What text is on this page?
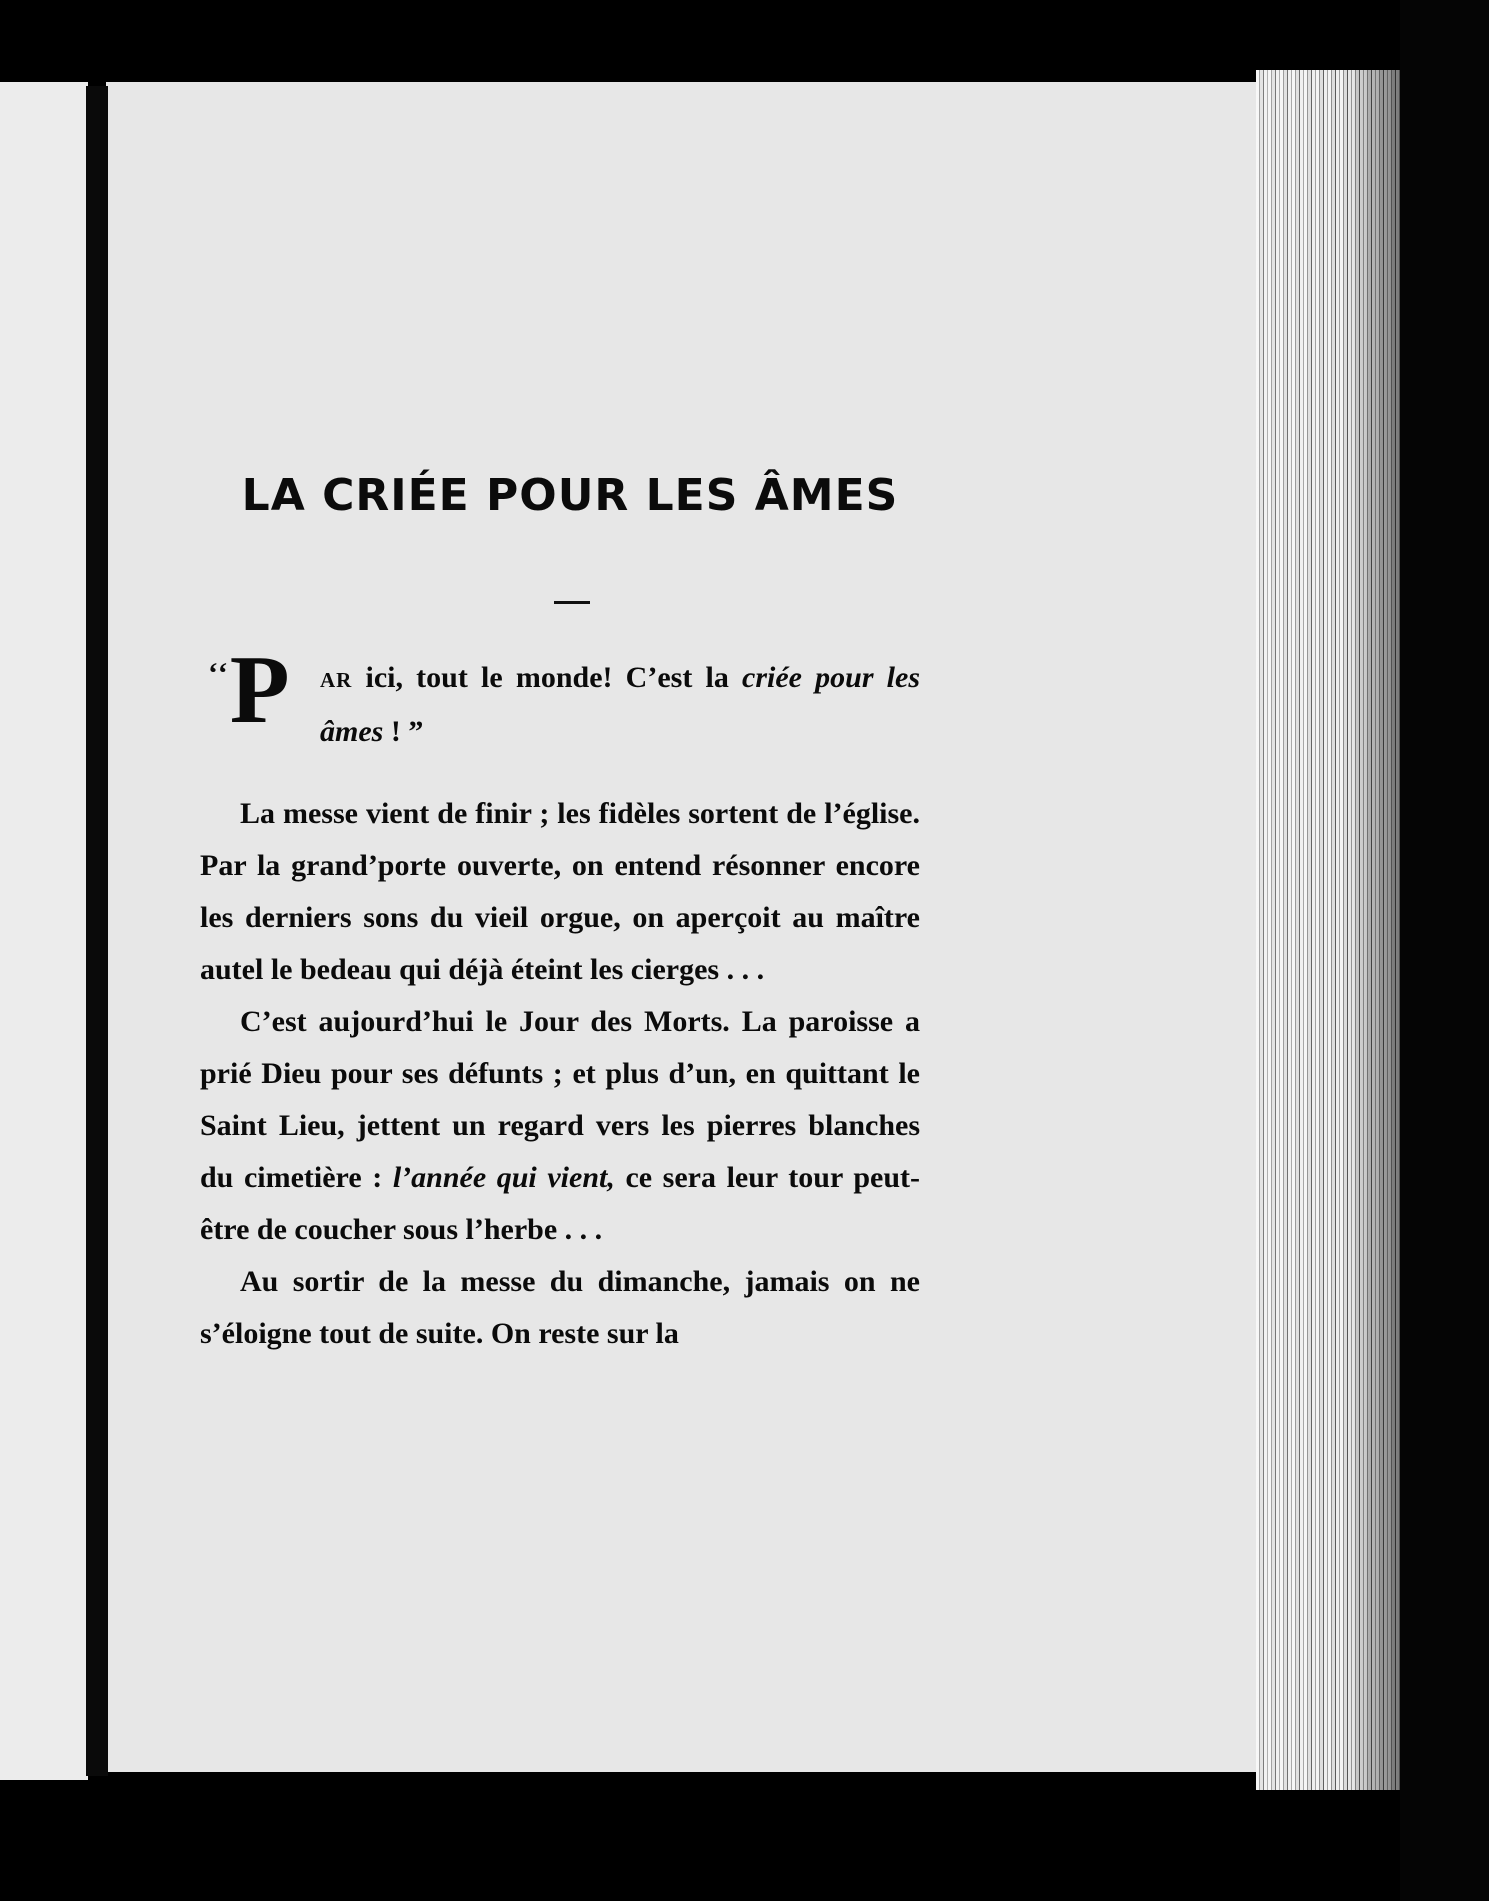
LA CRIÉE POUR LES ÂMES

‘‘P AR ici, tout le monde! C’est la criée pour les âmes ! ”

La messe vient de finir ; les fidèles sortent de l’église. Par la grand’porte ouverte, on entend résonner encore les derniers sons du vieil orgue, on aperçoit au maître autel le bedeau qui déjà éteint les cierges . . .

C’est aujourd’hui le Jour des Morts. La paroisse a prié Dieu pour ses défunts ; et plus d’un, en quittant le Saint Lieu, jettent un regard vers les pierres blanches du cimetière : l’année qui vient, ce sera leur tour peut-être de coucher sous l’herbe . . .

Au sortir de la messe du dimanche, jamais on ne s’éloigne tout de suite. On reste sur la
